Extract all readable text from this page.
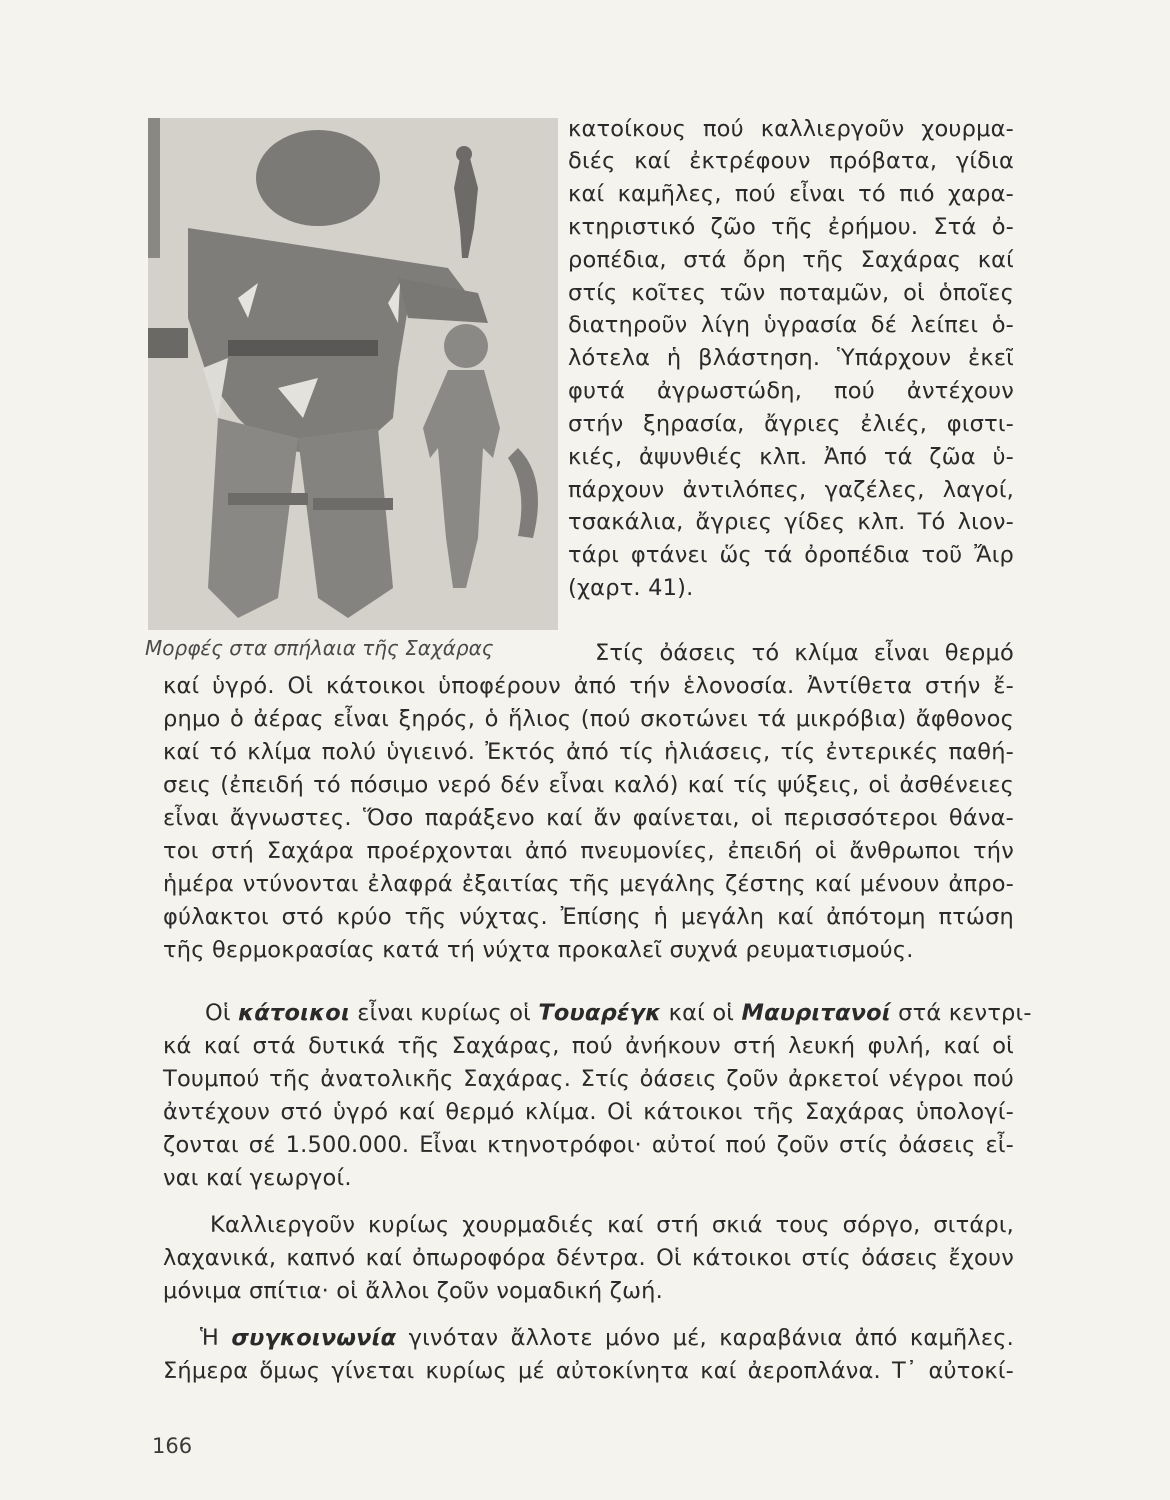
Μορφές στα σπήλαια τῆς Σαχάρας
κατοίκους πού καλλιεργοῦν χουρμα-
διές καί ἐκτρέφουν πρόβατα, γίδια
καί καμῆλες, πού εἶναι τό πιό χαρα-
κτηριστικό ζῶο τῆς ἐρήμου. Στά ὀ-
ροπέδια, στά ὄρη τῆς Σαχάρας καί
στίς κοῖτες τῶν ποταμῶν, οἱ ὁποῖες
διατηροῦν λίγη ὑγρασία δέ λείπει ὁ-
λότελα ἡ βλάστηση. Ὑπάρχουν ἐκεῖ
φυτά ἀγρωστώδη, πού ἀντέχουν
στήν ξηρασία, ἄγριες ἐλιές, φιστι-
κιές, ἀψυνθιές κλπ. Ἀπό τά ζῶα ὑ-
πάρχουν ἀντιλόπες, γαζέλες, λαγοί,
τσακάλια, ἄγριες γίδες κλπ. Τό λιον-
τάρι φτάνει ὥς τά ὀροπέδια τοῦ Ἄιρ
(χαρτ. 41).
Στίς ὀάσεις τό κλίμα εἶναι θερμό
καί ὑγρό. Οἱ κάτοικοι ὑποφέρουν ἀπό τήν ἑλονοσία. Ἀντίθετα στήν ἔ-
ρημο ὁ ἀέρας εἶναι ξηρός, ὁ ἥλιος (πού σκοτώνει τά μικρόβια) ἄφθονος
καί τό κλίμα πολύ ὑγιεινό. Ἐκτός ἀπό τίς ἡλιάσεις, τίς ἐντερικές παθή-
σεις (ἐπειδή τό πόσιμο νερό δέν εἶναι καλό) καί τίς ψύξεις, οἱ ἀσθένειες
εἶναι ἄγνωστες. Ὅσο παράξενο καί ἄν φαίνεται, οἱ περισσότεροι θάνα-
τοι στή Σαχάρα προέρχονται ἀπό πνευμονίες, ἐπειδή οἱ ἄνθρωποι τήν
ἡμέρα ντύνονται ἐλαφρά ἐξαιτίας τῆς μεγάλης ζέστης καί μένουν ἀπρο-
φύλακτοι στό κρύο τῆς νύχτας. Ἐπίσης ἡ μεγάλη καί ἀπότομη πτώση
τῆς θερμοκρασίας κατά τή νύχτα προκαλεῖ συχνά ρευματισμούς.
Οἱ κάτοικοι εἶναι κυρίως οἱ Τουαρέγκ καί οἱ Μαυριτανοί στά κεντρι-
κά καί στά δυτικά τῆς Σαχάρας, πού ἀνήκουν στή λευκή φυλή, καί οἱ
Τουμπού τῆς ἀνατολικῆς Σαχάρας. Στίς ὀάσεις ζοῦν ἀρκετοί νέγροι πού
ἀντέχουν στό ὑγρό καί θερμό κλίμα. Οἱ κάτοικοι τῆς Σαχάρας ὑπολογί-
ζονται σέ 1.500.000. Εἶναι κτηνοτρόφοι· αὐτοί πού ζοῦν στίς ὀάσεις εἶ-
ναι καί γεωργοί.
Καλλιεργοῦν κυρίως χουρμαδιές καί στή σκιά τους σόργο, σιτάρι,
λαχανικά, καπνό καί ὀπωροφόρα δέντρα. Οἱ κάτοικοι στίς ὀάσεις ἔχουν
μόνιμα σπίτια· οἱ ἄλλοι ζοῦν νομαδική ζωή.
Ἡ συγκοινωνία γινόταν ἄλλοτε μόνο μέ, καραβάνια ἀπό καμῆλες.
Σήμερα ὅμως γίνεται κυρίως μέ αὐτοκίνητα καί ἀεροπλάνα. Τ᾽ αὐτοκί-
166
